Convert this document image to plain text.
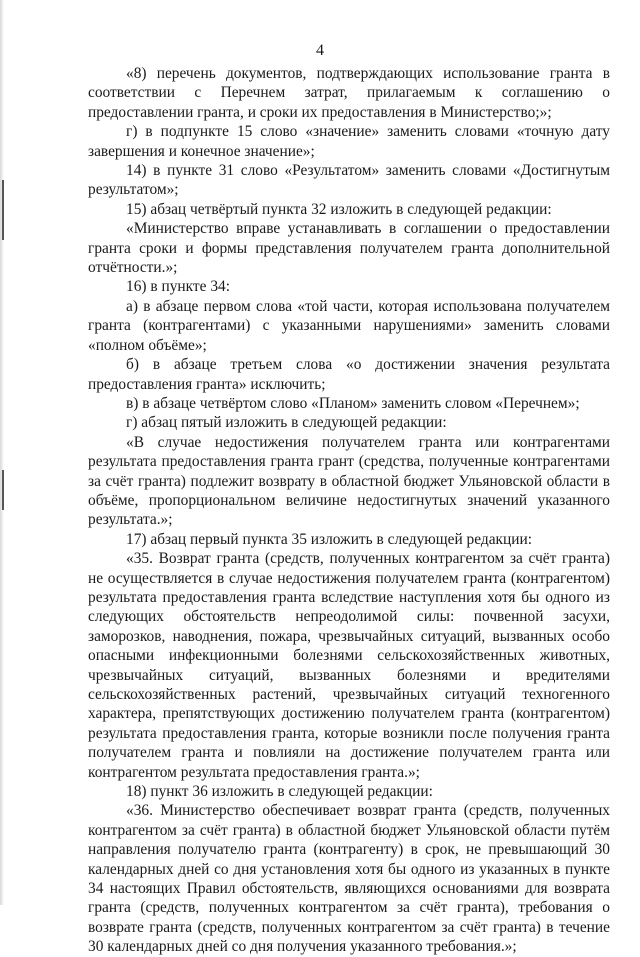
4

«8) перечень документов, подтверждающих использование гранта в соответствии с Перечнем затрат, прилагаемым к соглашению о предоставлении гранта, и сроки их предоставления в Министерство;»;

г) в подпункте 15 слово «значение» заменить словами «точную дату завершения и конечное значение»;

14) в пункте 31 слово «Результатом» заменить словами «Достигнутым результатом»;

15) абзац четвёртый пункта 32 изложить в следующей редакции:

«Министерство вправе устанавливать в соглашении о предоставлении гранта сроки и формы представления получателем гранта дополнительной отчётности.»;

16) в пункте 34:

а) в абзаце первом слова «той части, которая использована получателем гранта (контрагентами) с указанными нарушениями» заменить словами «полном объёме»;

б) в абзаце третьем слова «о достижении значения результата предоставления гранта» исключить;

в) в абзаце четвёртом слово «Планом» заменить словом «Перечнем»;

г) абзац пятый изложить в следующей редакции:

«В случае недостижения получателем гранта или контрагентами результата предоставления гранта грант (средства, полученные контрагентами за счёт гранта) подлежит возврату в областной бюджет Ульяновской области в объёме, пропорциональном величине недостигнутых значений указанного результата.»;

17) абзац первый пункта 35 изложить в следующей редакции:

«35. Возврат гранта (средств, полученных контрагентом за счёт гранта) не осуществляется в случае недостижения получателем гранта (контрагентом) результата предоставления гранта вследствие наступления хотя бы одного из следующих обстоятельств непреодолимой силы: почвенной засухи, заморозков, наводнения, пожара, чрезвычайных ситуаций, вызванных особо опасными инфекционными болезнями сельскохозяйственных животных, чрезвычайных ситуаций, вызванных болезнями и вредителями сельскохозяйственных растений, чрезвычайных ситуаций техногенного характера, препятствующих достижению получателем гранта (контрагентом) результата предоставления гранта, которые возникли после получения гранта получателем гранта и повлияли на достижение получателем гранта или контрагентом результата предоставления гранта.»;

18) пункт 36 изложить в следующей редакции:

«36. Министерство обеспечивает возврат гранта (средств, полученных контрагентом за счёт гранта) в областной бюджет Ульяновской области путём направления получателю гранта (контрагенту) в срок, не превышающий 30 календарных дней со дня установления хотя бы одного из указанных в пункте 34 настоящих Правил обстоятельств, являющихся основаниями для возврата гранта (средств, полученных контрагентом за счёт гранта), требования о возврате гранта (средств, полученных контрагентом за счёт гранта) в течение 30 календарных дней со дня получения указанного требования.»;
